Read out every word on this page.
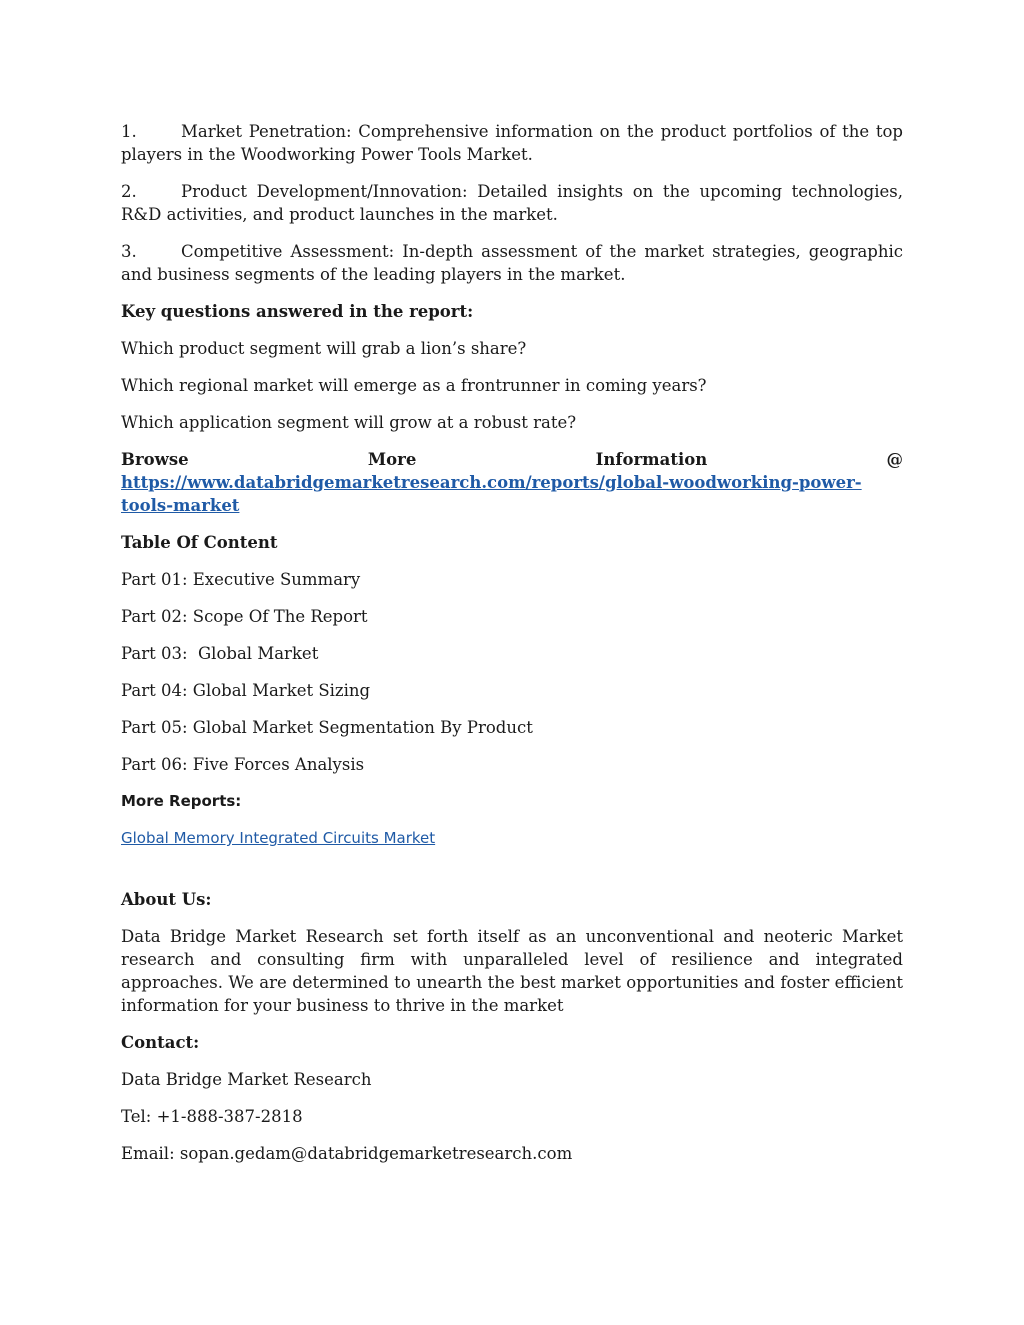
1.	Market Penetration: Comprehensive information on the product portfolios of the top players in the Woodworking Power Tools Market.

2.	Product Development/Innovation: Detailed insights on the upcoming technologies, R&D activities, and product launches in the market.

3.	Competitive Assessment: In-depth assessment of the market strategies, geographic and business segments of the leading players in the market.

Key questions answered in the report:

Which product segment will grab a lion’s share?

Which regional market will emerge as a frontrunner in coming years?

Which application segment will grow at a robust rate?

Browse More Information @ https://www.databridgemarketresearch.com/reports/global-woodworking-power-tools-market

Table Of Content

Part 01: Executive Summary

Part 02: Scope Of The Report

Part 03:  Global Market

Part 04: Global Market Sizing

Part 05: Global Market Segmentation By Product

Part 06: Five Forces Analysis

More Reports:

Global Memory Integrated Circuits Market

About Us:

Data Bridge Market Research set forth itself as an unconventional and neoteric Market research and consulting firm with unparalleled level of resilience and integrated approaches. We are determined to unearth the best market opportunities and foster efficient information for your business to thrive in the market

Contact:

Data Bridge Market Research

Tel: +1-888-387-2818

Email: sopan.gedam@databridgemarketresearch.com
